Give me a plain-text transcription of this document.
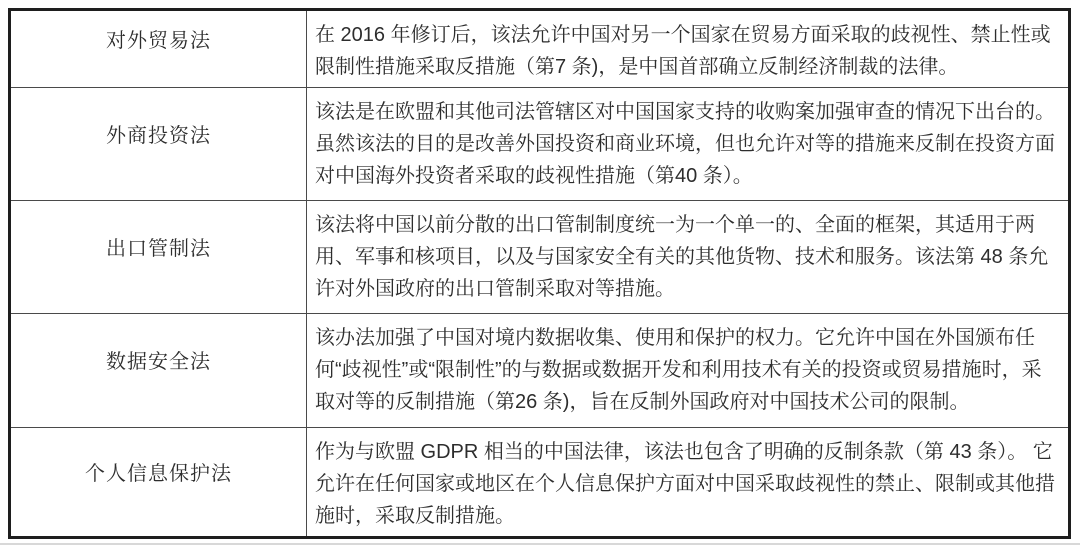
对外贸易法	在 2016 年修订后，该法允许中国对另一个国家在贸易方面采取的歧视性、禁止性或限制性措施采取反措施（第7 条)，是中国首部确立反制经济制裁的法律。
外商投资法	该法是在欧盟和其他司法管辖区对中国国家支持的收购案加强审查的情况下出台的。虽然该法的目的是改善外国投资和商业环境，但也允许对等的措施来反制在投资方面对中国海外投资者采取的歧视性措施（第40 条）。
出口管制法	该法将中国以前分散的出口管制制度统一为一个单一的、全面的框架，其适用于两用、军事和核项目，以及与国家安全有关的其他货物、技术和服务。该法第 48 条允许对外国政府的出口管制采取对等措施。
数据安全法	该办法加强了中国对境内数据收集、使用和保护的权力。它允许中国在外国颁布任何“歧视性”或“限制性”的与数据或数据开发和利用技术有关的投资或贸易措施时，采取对等的反制措施（第26 条)，旨在反制外国政府对中国技术公司的限制。
个人信息保护法	作为与欧盟 GDPR 相当的中国法律，该法也包含了明确的反制条款（第 43 条）。 它允许在任何国家或地区在个人信息保护方面对中国采取歧视性的禁止、限制或其他措施时，采取反制措施。
